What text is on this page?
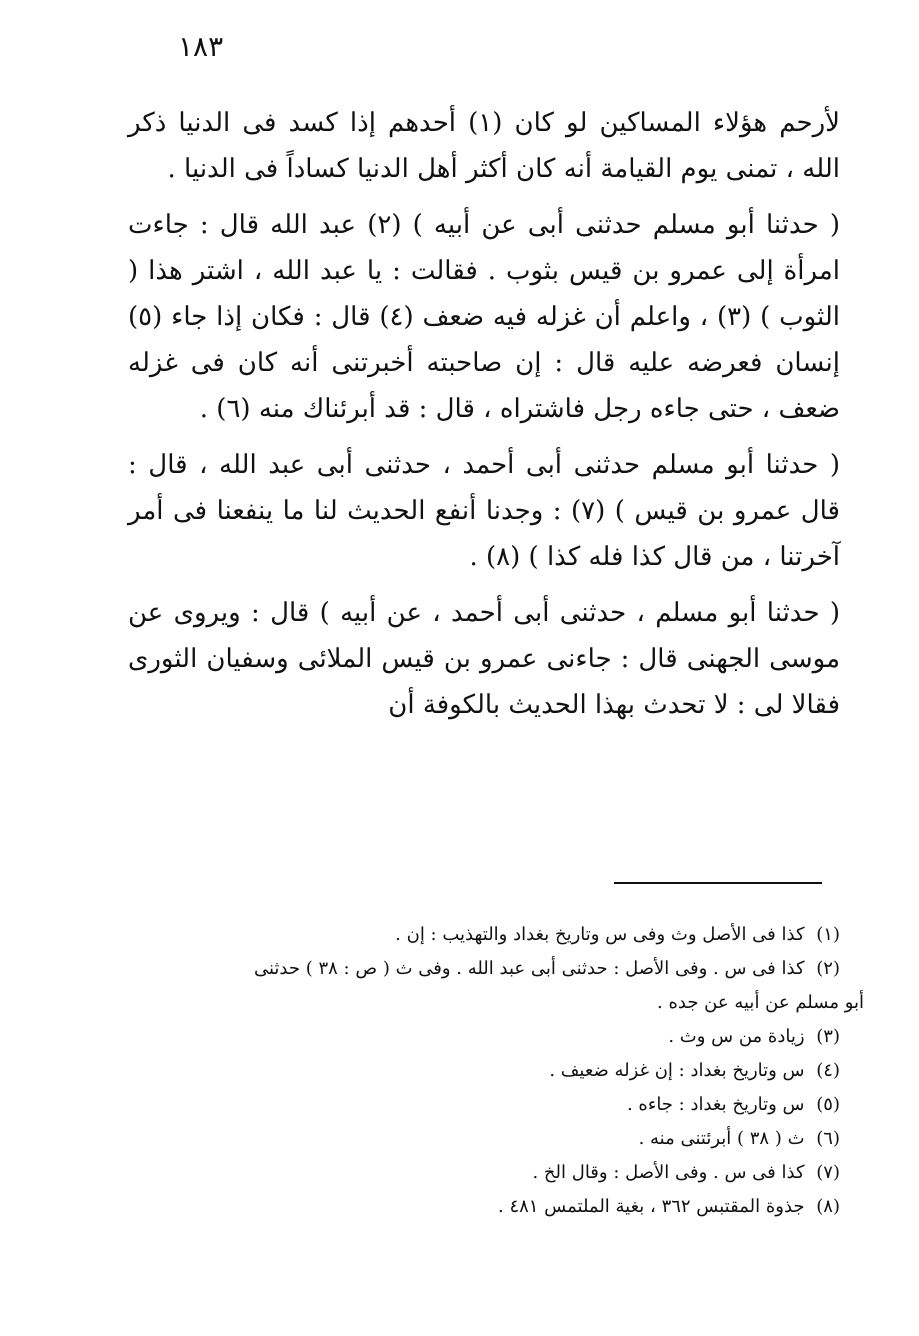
١٨٣

لأرحم هؤلاء المساكين لو كان (١) أحدهم إذا كسد فى الدنيا ذكر الله ، تمنى يوم القيامة أنه كان أكثر أهل الدنيا كساداً فى الدنيا .

( حدثنا أبو مسلم حدثنى أبى عن أبيه ) (٢) عبد الله قال : جاءت امرأة إلى عمرو بن قيس بثوب . فقالت : يا عبد الله ، اشتر هذا ( الثوب ) (٣) ، واعلم أن غزله فيه ضعف (٤) قال : فكان إذا جاء (٥) إنسان فعرضه عليه قال : إن صاحبته أخبرتنى أنه كان فى غزله ضعف ، حتى جاءه رجل فاشتراه ، قال : قد أبرئناك منه (٦) .

( حدثنا أبو مسلم حدثنى أبى أحمد ، حدثنى أبى عبد الله ، قال : قال عمرو بن قيس ) (٧) : وجدنا أنفع الحديث لنا ما ينفعنا فى أمر آخرتنا ، من قال كذا فله كذا ) (٨) .

( حدثنا أبو مسلم ، حدثنى أبى أحمد ، عن أبيه ) قال : ويروى عن موسى الجهنى قال : جاءنى عمرو بن قيس الملائى وسفيان الثورى فقالا لى : لا تحدث بهذا الحديث بالكوفة أن

(١) كذا فى الأصل وث وفى س وتاريخ بغداد والتهذيب : إن .

(٢) كذا فى س . وفى الأصل : حدثنى أبى عبد الله . وفى ث ( ص : ٣٨ ) حدثنى

أبو مسلم عن أبيه عن جده .

(٣) زيادة من س وث .

(٤) س وتاريخ بغداد : إن غزله ضعيف .

(٥) س وتاريخ بغداد : جاءه .

(٦) ث ( ٣٨ ) أبرئتنى منه .

(٧) كذا فى س . وفى الأصل : وقال الخ .

(٨) جذوة المقتبس ٣٦٢ ، بغية الملتمس ٤٨١ .
